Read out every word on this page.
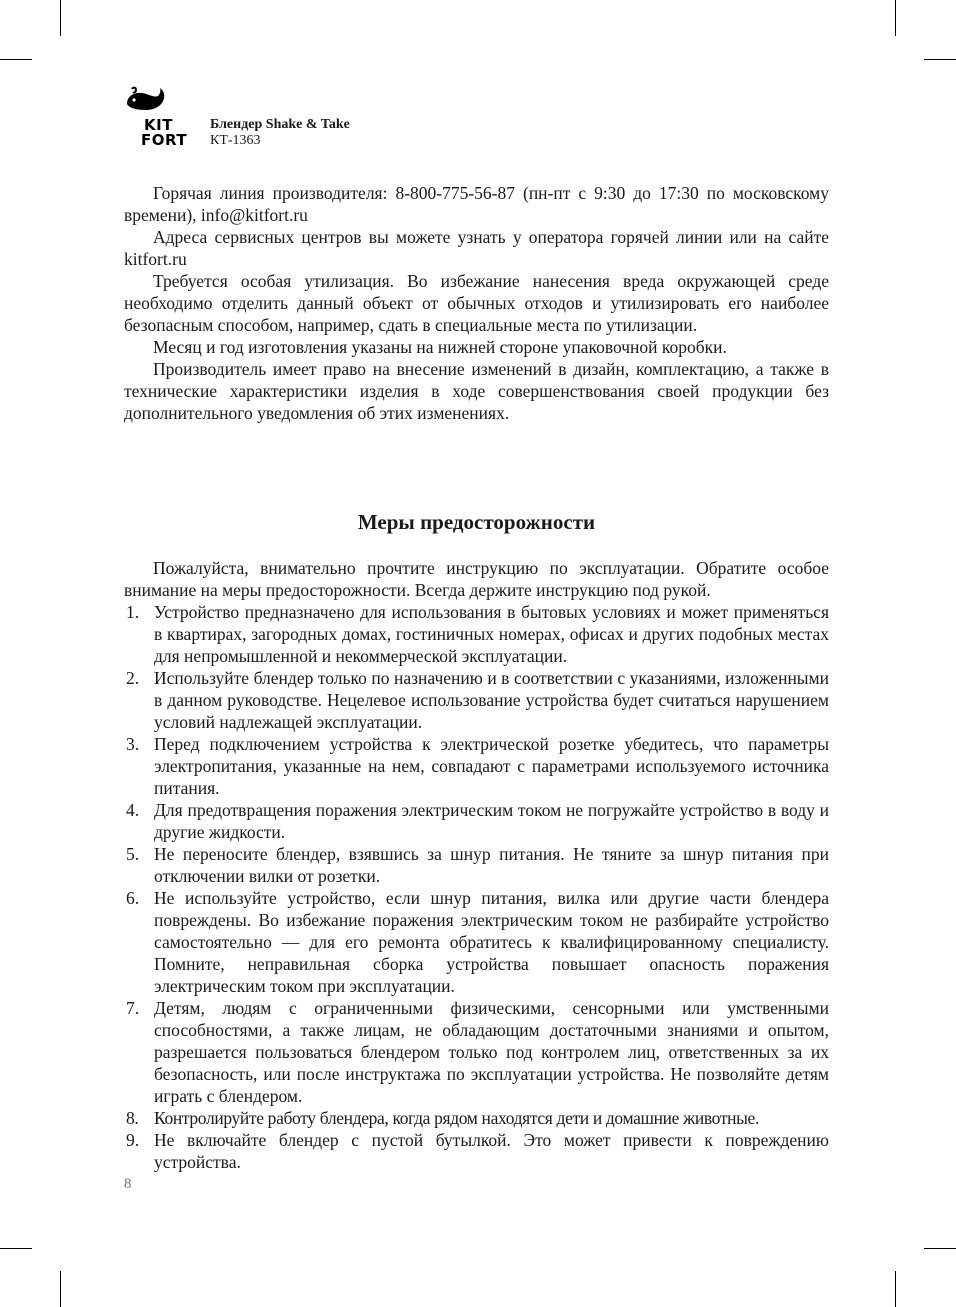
KIT
FORT
Блендер Shake & Take
КТ-1363

Горячая линия производителя: 8-800-775-56-87 (пн-пт с 9:30 до 17:30 по московскому времени), info@kitfort.ru

Адреса сервисных центров вы можете узнать у оператора горячей линии или на сайте kitfort.ru

Требуется особая утилизация. Во избежание нанесения вреда окружающей среде необходимо отделить данный объект от обычных отходов и утилизировать его наиболее безопасным способом, например, сдать в специальные места по утилизации.

Месяц и год изготовления указаны на нижней стороне упаковочной коробки.

Производитель имеет право на внесение изменений в дизайн, комплектацию, а также в технические характеристики изделия в ходе совершенствования своей продукции без дополнительного уведомления об этих изменениях.

Меры предосторожности

Пожалуйста, внимательно прочтите инструкцию по эксплуатации. Обратите особое внимание на меры предосторожности. Всегда держите инструкцию под рукой.

1. Устройство предназначено для использования в бытовых условиях и может применяться в квартирах, загородных домах, гостиничных номерах, офисах и других подобных местах для непромышленной и некоммерческой эксплуатации.
2. Используйте блендер только по назначению и в соответствии с указаниями, изложенными в данном руководстве. Нецелевое использование устройства будет считаться нарушением условий надлежащей эксплуатации.
3. Перед подключением устройства к электрической розетке убедитесь, что параметры электропитания, указанные на нем, совпадают с параметрами используемого источника питания.
4. Для предотвращения поражения электрическим током не погружайте устройство в воду и другие жидкости.
5. Не переносите блендер, взявшись за шнур питания. Не тяните за шнур питания при отключении вилки от розетки.
6. Не используйте устройство, если шнур питания, вилка или другие части блендера повреждены. Во избежание поражения электрическим током не разбирайте устройство самостоятельно — для его ремонта обратитесь к квалифицированному специалисту. Помните, неправильная сборка устройства повышает опасность поражения электрическим током при эксплуатации.
7. Детям, людям с ограниченными физическими, сенсорными или умственными способностями, а также лицам, не обладающим достаточными знаниями и опытом, разрешается пользоваться блендером только под контролем лиц, ответственных за их безопасность, или после инструктажа по эксплуатации устройства. Не позволяйте детям играть с блендером.
8. Контролируйте работу блендера, когда рядом находятся дети и домашние животные.
9. Не включайте блендер с пустой бутылкой. Это может привести к повреждению устройства.
8
